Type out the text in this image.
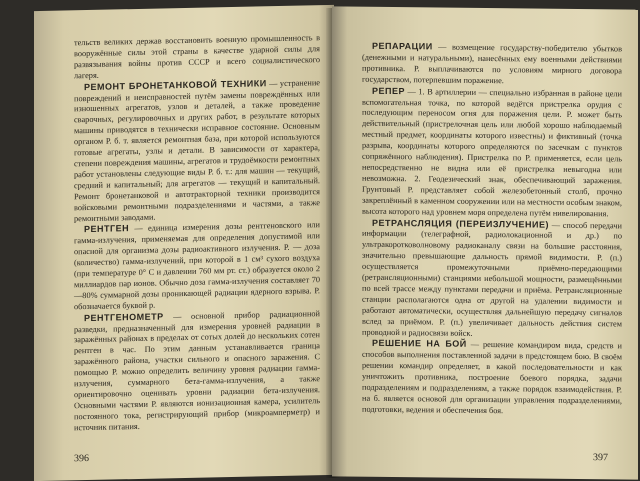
тельств великих держав восстановить военную промышленность в вооружённые силы этой страны в качестве ударной силы для развязывания войны против СССР и всего социалистического лагеря.

РЕМОНТ БРОНЕТАНКОВОЙ ТЕХНИКИ — устранение повреждений и неисправностей путём замены повреждённых или изношенных агрегатов, узлов и деталей, а также проведение сварочных, регулировочных и других работ, в результате которых машины приводятся в технически исправное состояние. Основным органом Р. б. т. является ремонтная база, при которой используются готовые агрегаты, узлы и детали. В зависимости от характера, степени повреждения машины, агрегатов и трудоёмкости ремонтных работ установлены следующие виды Р. б. т.: для машин — текущий, средний и капитальный; для агрегатов — текущий и капитальный. Ремонт бронетанковой и автотракторной техники производится войсковыми ремонтными подразделениями и частями, а также ремонтными заводами.

РЕНТГЕН — единица измерения дозы рентгеновского или гамма-излучения, применяемая для определения допустимой или опасной для организма дозы радиоактивного излучения. Р. — доза (количество) гамма-излучений, при которой в 1 см³ сухого воздуха (при температуре 0° С и давлении 760 мм рт. ст.) образуется около 2 миллиардов пар ионов. Обычно доза гамма-излучения составляет 70—80% суммарной дозы проникающей радиации ядерного взрыва. Р. обозначается буквой р.

РЕНТГЕНОМЕТР — основной прибор радиационной разведки, предназначенный для измерения уровней радиации в заражённых районах в пределах от сотых долей до нескольких сотен рентген в час. По этим данным устанавливается граница заражённого района, участки сильного и опасного заражения. С помощью Р. можно определить величину уровня радиации гамма-излучения, суммарного бета-гамма-излучения, а также ориентировочно оценивать уровни радиации бета-излучения. Основными частями Р. являются ионизационная камера, усилитель постоянного тока, регистрирующий прибор (микроамперметр) и источник питания.

396

РЕПАРАЦИИ — возмещение государству-победителю убытков (денежными и натуральными), нанесённых ему военными действиями противника. Р. выплачиваются по условиям мирного договора государством, потерпевшим поражение.

РЕПЕР — 1. В артиллерии — специально избранная в районе цели вспомогательная точка, по которой ведётся пристрелка орудия с последующим переносом огня для поражения цели. Р. может быть действительный (пристрелочная цель или любой хорошо наблюдаемый местный предмет, координаты которого известны) и фиктивный (точка разрыва, координаты которого определяются по засечкам с пунктов сопряжённого наблюдения). Пристрелка по Р. применяется, если цель непосредственно не видна или её пристрелка невыгодна или невозможна. 2. Геодезический знак, обеспечивающий заражения. Грунтовый Р. представляет собой железобетонный столб, прочно закреплённый в каменном сооружении или на местности особым знаком, высота которого над уровнем моря определена путём нивелирования.

РЕТРАНСЛЯЦИЯ (ПЕРЕИЗЛУЧЕНИЕ) — способ передачи информации (телеграфной, радиолокационной и др.) по ультракоротковолновому радиоканалу связи на большие расстояния, значительно превышающие дальность прямой видимости. Р. (п.) осуществляется промежуточными приёмно-передающими (ретрансляционными) станциями небольшой мощности, размещёнными по всей трассе между пунктами передачи и приёма. Ретрансляционные станции располагаются одна от другой на удалении видимости и работают автоматически, осуществляя дальнейшую передачу сигналов вслед за приёмом. Р. (п.) увеличивает дальность действия систем проводной и радиосвязи войск.

РЕШЕНИЕ НА БОЙ — решение командиром вида, средств и способов выполнения поставленной задачи в предстоящем бою. В своём решении командир определяет, в какой последовательности и как уничтожить противника, построение боевого порядка, задачи подразделениям и подразделениям, а также порядок взаимодействия. Р. на б. является основой для организации управления подразделениями, подготовки, ведения и обеспечения боя.

397
